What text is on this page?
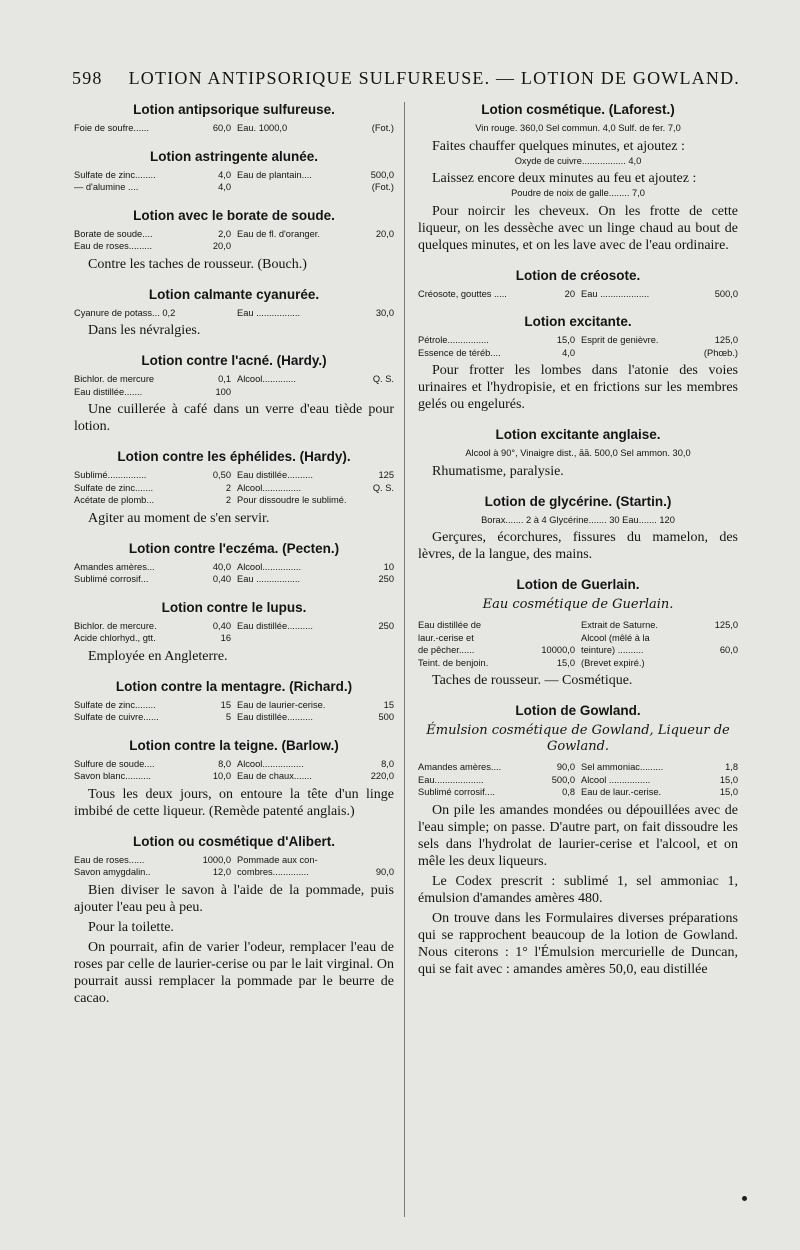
598 LOTION ANTIPSORIQUE SULFUREUSE. — LOTION DE GOWLAND.
Lotion antipsorique sulfureuse.
Foie de soufre......	60,0 Eau. 1000,0	(Fot.)
Lotion astringente alunée.
Sulfate de zinc........	4,0 Eau de plantain....	500,0
— d'alumine ....	4,0	(Fot.)
Lotion avec le borate de soude.
Borate de soude....	2,0 Eau de fl. d'oranger.	20,0
Eau de roses.........	20,0

Contre les taches de rousseur. (Bouch.)

Lotion calmante cyanurée.
Cyanure de potass... 0,2	Eau .................	30,0

Dans les névralgies.

Lotion contre l'acné. (Hardy.)
Bichlor. de mercure	0,1 Alcool.............	Q. S.
Eau distillée.......	100

Une cuillerée à café dans un verre d'eau tiède pour lotion.

Lotion contre les éphélides. (Hardy).
Sublimé...............	0,50 Eau distillée..........	125
Sulfate de zinc.......	2 Alcool...............	Q. S.
Acétate de plomb...	2 Pour dissoudre le sublimé.

Agiter au moment de s'en servir.

Lotion contre l'eczéma. (Pecten.)
Amandes amères...	40,0 Alcool...............	10
Sublimé corrosif...	0,40 Eau .................	250
Lotion contre le lupus.
Bichlor. de mercure.	0,40 Eau distillée..........	250
Acide chlorhyd., gtt.	16

Employée en Angleterre.

Lotion contre la mentagre. (Richard.)
Sulfate de zinc........	15 Eau de laurier-cerise.	15
Sulfate de cuivre......	5 Eau distillée..........	500
Lotion contre la teigne. (Barlow.)
Sulfure de soude....	8,0 Alcool................	8,0
Savon blanc..........	10,0 Eau de chaux.......	220,0

Tous les deux jours, on entoure la tête d'un linge imbibé de cette liqueur. (Remède patenté anglais.)

Lotion ou cosmétique d'Alibert.
Eau de roses......	1000,0 Pommade aux con-
Savon amygdalin..	12,0 combres..............	90,0

Bien diviser le savon à l'aide de la pommade, puis ajouter l'eau peu à peu.

Pour la toilette.

On pourrait, afin de varier l'odeur, remplacer l'eau de roses par celle de laurier-cerise ou par le lait virginal. On pourrait aussi remplacer la pommade par le beurre de cacao.

Lotion cosmétique. (Laforest.)
Vin rouge. 360,0 Sel commun. 4,0 Sulf. de fer. 7,0

Faites chauffer quelques minutes, et ajoutez :

Oxyde de cuivre................. 4,0

Laissez encore deux minutes au feu et ajoutez :

Poudre de noix de galle........ 7,0

Pour noircir les cheveux. On les frotte de cette liqueur, on les dessèche avec un linge chaud au bout de quelques minutes, et on les lave avec de l'eau ordinaire.

Lotion de créosote.
Créosote, gouttes .....	20 Eau ...................	500,0
Lotion excitante.
Pétrole................	15,0 Esprit de genièvre.	125,0
Essence de téréb....	4,0	(Phœb.)

Pour frotter les lombes dans l'atonie des voies urinaires et l'hydropisie, et en frictions sur les membres gelés ou engelurés.

Lotion excitante anglaise.
Alcool à 90°, Vinaigre dist., āā. 500,0 Sel ammon. 30,0

Rhumatisme, paralysie.

Lotion de glycérine. (Startin.)
Borax....... 2 à 4 Glycérine....... 30 Eau....... 120

Gerçures, écorchures, fissures du mamelon, des lèvres, de la langue, des mains.

Lotion de Guerlain.
Eau cosmétique de Guerlain.
Eau distillée de	Extrait de Saturne.	125,0
laur.-cerise et	Alcool (mêlé à la
de pêcher......	10000,0 teinture) ..........	60,0
Teint. de benjoin.	15,0 (Brevet expiré.)

Taches de rousseur. — Cosmétique.

Lotion de Gowland.
Émulsion cosmétique de Gowland, Liqueur de Gowland.
Amandes amères....	90,0 Sel ammoniac.........	1,8
Eau...................	500,0 Alcool ................	15,0
Sublimé corrosif....	0,8 Eau de laur.-cerise.	15,0

On pile les amandes mondées ou dépouillées avec de l'eau simple; on passe. D'autre part, on fait dissoudre les sels dans l'hydrolat de laurier-cerise et l'alcool, et on mêle les deux liqueurs.

Le Codex prescrit : sublimé 1, sel ammoniac 1, émulsion d'amandes amères 480.

On trouve dans les Formulaires diverses préparations qui se rapprochent beaucoup de la lotion de Gowland. Nous citerons : 1° l'Émulsion mercurielle de Duncan, qui se fait avec : amandes amères 50,0, eau distillée
